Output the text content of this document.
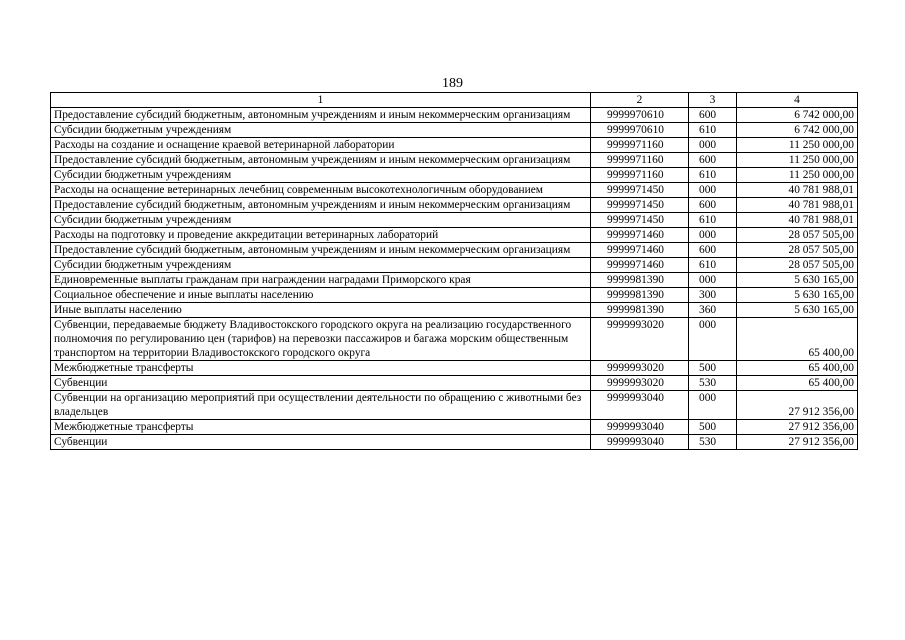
189
1	2	3	4
Предоставление субсидий бюджетным, автономным учреждениям и иным некоммерческим организациям	9999970610	600	6 742 000,00
Субсидии бюджетным учреждениям	9999970610	610	6 742 000,00
Расходы на создание и оснащение краевой ветеринарной лаборатории	9999971160	000	11 250 000,00
Предоставление субсидий бюджетным, автономным учреждениям и иным некоммерческим организациям	9999971160	600	11 250 000,00
Субсидии бюджетным учреждениям	9999971160	610	11 250 000,00
Расходы на оснащение ветеринарных лечебниц современным высокотехнологичным оборудованием	9999971450	000	40 781 988,01
Предоставление субсидий бюджетным, автономным учреждениям и иным некоммерческим организациям	9999971450	600	40 781 988,01
Субсидии бюджетным учреждениям	9999971450	610	40 781 988,01
Расходы на подготовку и проведение аккредитации ветеринарных лабораторий	9999971460	000	28 057 505,00
Предоставление субсидий бюджетным, автономным учреждениям и иным некоммерческим организациям	9999971460	600	28 057 505,00
Субсидии бюджетным учреждениям	9999971460	610	28 057 505,00
Единовременные выплаты гражданам при награждении наградами Приморского края	9999981390	000	5 630 165,00
Социальное обеспечение и иные выплаты населению	9999981390	300	5 630 165,00
Иные выплаты населению	9999981390	360	5 630 165,00
Субвенции, передаваемые бюджету Владивостокского городского округа на реализацию государственного полномочия по регулированию цен (тарифов) на перевозки пассажиров и багажа морским общественным транспортом на территории Владивостокского городского округа	9999993020	000	65 400,00
Межбюджетные трансферты	9999993020	500	65 400,00
Субвенции	9999993020	530	65 400,00
Субвенции на организацию мероприятий при осуществлении деятельности по обращению с животными без владельцев	9999993040	000	27 912 356,00
Межбюджетные трансферты	9999993040	500	27 912 356,00
Субвенции	9999993040	530	27 912 356,00
